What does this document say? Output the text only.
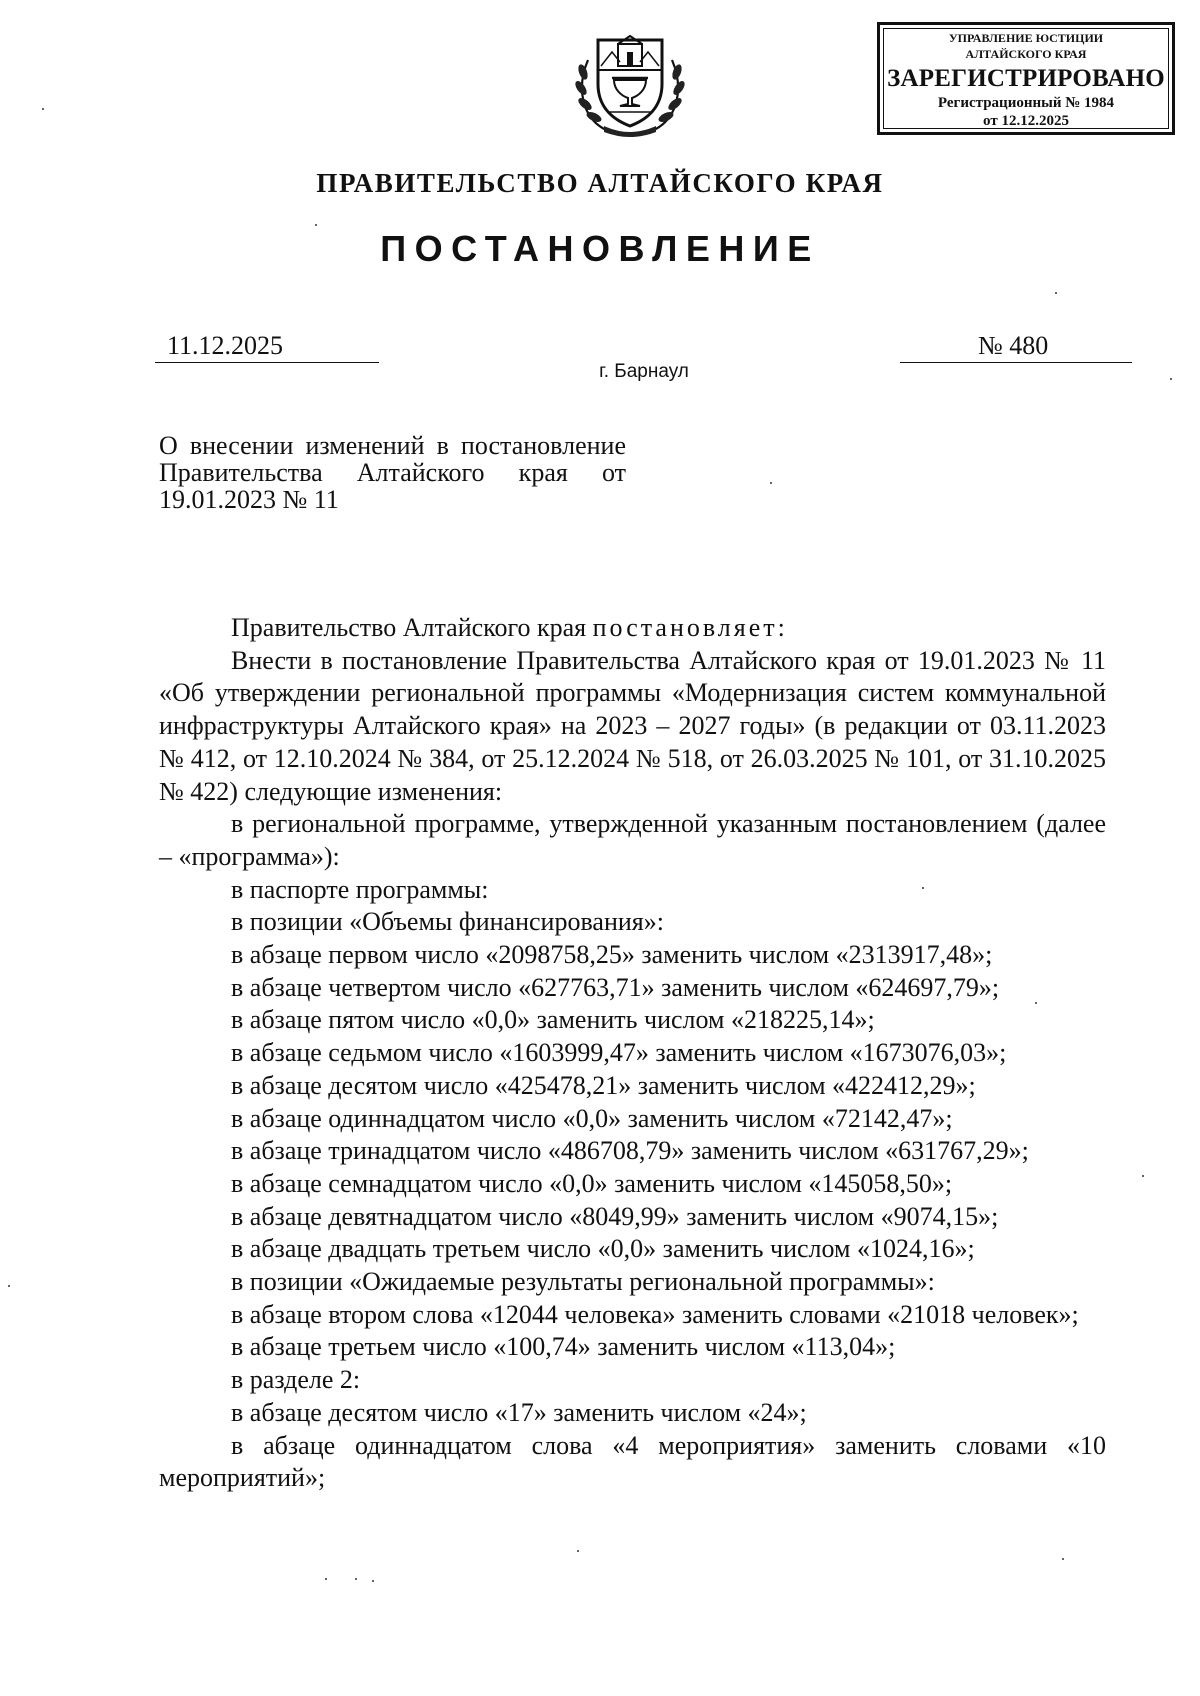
УПРАВЛЕНИЕ ЮСТИЦИИ
АЛТАЙСКОГО КРАЯ
ЗАРЕГИСТРИРОВАНО
Регистрационный № 1984
от 12.12.2025
ПРАВИТЕЛЬСТВО АЛТАЙСКОГО КРАЯ
ПОСТАНОВЛЕНИЕ
11.12.2025	№ 480
г. Барнаул
О внесении изменений в постановление Правительства Алтайского края от 19.01.2023 № 11

Правительство Алтайского края постановляет:

Внести в постановление Правительства Алтайского края от 19.01.2023 № 11 «Об утверждении региональной программы «Модернизация систем коммунальной инфраструктуры Алтайского края» на 2023 – 2027 годы» (в редакции от 03.11.2023 № 412, от 12.10.2024 № 384, от 25.12.2024 № 518, от 26.03.2025 № 101, от 31.10.2025 № 422) следующие изменения:

в региональной программе, утвержденной указанным постановлением (далее – «программа»):

в паспорте программы:

в позиции «Объемы финансирования»:

в абзаце первом число «2098758,25» заменить числом «2313917,48»;

в абзаце четвертом число «627763,71» заменить числом «624697,79»;

в абзаце пятом число «0,0» заменить числом «218225,14»;

в абзаце седьмом число «1603999,47» заменить числом «1673076,03»;

в абзаце десятом число «425478,21» заменить числом «422412,29»;

в абзаце одиннадцатом число «0,0» заменить числом «72142,47»;

в абзаце тринадцатом число «486708,79» заменить числом «631767,29»;

в абзаце семнадцатом число «0,0» заменить числом «145058,50»;

в абзаце девятнадцатом число «8049,99» заменить числом «9074,15»;

в абзаце двадцать третьем число «0,0» заменить числом «1024,16»;

в позиции «Ожидаемые результаты региональной программы»:

в абзаце втором слова «12044 человека» заменить словами «21018 человек»;

в абзаце третьем число «100,74» заменить числом «113,04»;

в разделе 2:

в абзаце десятом число «17» заменить числом «24»;

в абзаце одиннадцатом слова «4 мероприятия» заменить словами «10 мероприятий»;
